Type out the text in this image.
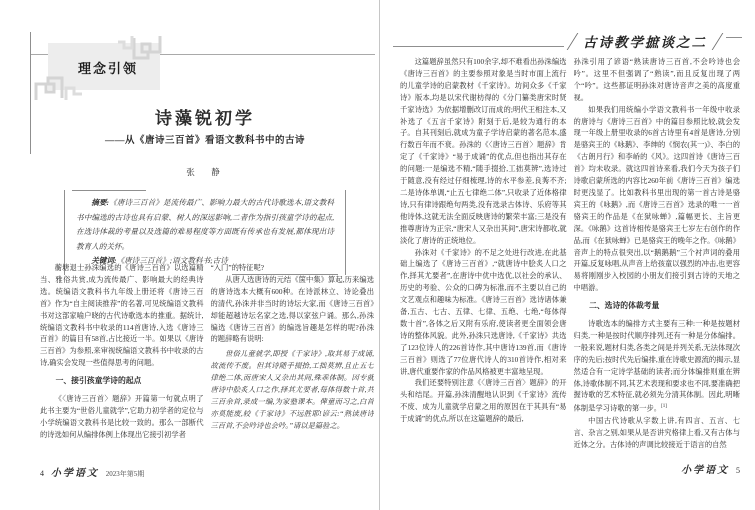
理念引领
诗藻锐初学
——从《唐诗三百首》看语文教科书中的古诗
张　静

摘要:《唐诗三百首》是流传最广、影响力最大的古代诗歌选本,语文教科书中编选的古诗也具有启蒙、树人的深远影响,二者作为指引孩童学诗的起点,在选诗体裁的考量以及选篇的难易程度等方面既有传承也有发展,都体现出诗教育人的关怀。

关键词:《唐诗三百首》;语文教科书;古诗

蘅塘退士孙洙编选的《唐诗三百首》以选篇精当、雅俗共赏,成为流传最广、影响最大的经典诗选。统编语文教科书九年级上册还将《唐诗三百首》作为“自主阅读推荐”的名著,可见统编语文教科书对这部家喻户晓的古代诗歌选本的推重。据统计,统编语文教科书中收录的114首唐诗,入选《唐诗三百首》的篇目有58首,占比接近一半。如果以《唐诗三百首》为参照,来审视统编语文教科书中收录的古诗,确实会发现一些值得思考的问题。

一、接引孩童学诗的起点

《〈唐诗三百首〉题辞》开篇第一句就点明了此书主要为“世俗儿童就学”,它助力初学者的定位与小学统编语文教科书是比较一致的。那么一部断代的诗选如何从编排体例上体现出它接引初学者

“入门”的特征呢?

从唐人选唐诗的元结《箧中集》算起,历来编选的唐诗选本大概有600种。在诗派林立、诗论叠出的清代,孙洙并非当时的诗坛大家,而《唐诗三百首》却能超越诗坛名家之选,得以家弦户诵。那么,孙洙编选《唐诗三百首》的编选旨趣是怎样的呢?孙洙的题辞略有说明:

世俗儿童就学,即授《千家诗》,取其易于成诵,故流传不废。但其诗随手掇拾,工拙莫辨,且止五七律绝二体,而唐宋人又杂出其间,殊乖体制。因专就唐诗中脍炙人口之作,择其尤要者,每体得数十首,共三百余首,录成一编,为家塾课本。俾童而习之,白首亦莫能废,较《千家诗》不远胜耶!谚云:“熟读唐诗三百首,不会吟诗也会吟。”请以是篇验之。

4 小学语文 2023年第5期
古诗教学摭谈之二

这篇题辞虽然只有100余字,却不难看出孙洙编选《唐诗三百首》的主要参照对象是当时市面上流行的儿童学诗的启蒙教材《千家诗》。坊间众多《千家诗》版本,均是以宋代谢枋得的《分门纂类唐宋时贤千家诗选》为依据增删改订而成的;明代王相注本,又补选了《五言千家诗》附刻于后,是较为通行的本子。自其刊刻后,就成为童子学诗启蒙的著名范本,盛行数百年而不衰。孙洙的《〈唐诗三百首〉题辞》肯定了《千家诗》“易于成诵”的优点,但也指出其存在的问题:一是编选不精,“随手掇拾,工拙莫辨”,选诗过于随意,没有经过仔细梳理,诗的水平参差,良莠不齐;二是诗体单调,“止五七律绝二体”,只收录了近体格律诗,只有律诗跟绝句两类,没有选录古体诗、乐府等其他诗体,这就无法全面反映唐诗的繁荣丰富;三是没有推尊唐诗为正宗,“唐宋人又杂出其间”,唐宋诗都收,就淡化了唐诗的正统地位。

孙洙对《千家诗》的不足之处进行改进,在此基础上编选了《唐诗三百首》,“就唐诗中脍炙人口之作,择其尤要者”,在唐诗中优中选优,以社会的承认、历史的考验、公众的口碑为标准,而不主要以自己的文艺观点和趣味为标准。《唐诗三百首》选诗诸体兼备,五古、七古、五律、七律、五绝、七绝,“每体得数十首”,各体之后又附有乐府,使读者更全面领会唐诗的整体风貌。此外,孙洙只选唐诗,《千家诗》共选了123位诗人的226首诗作,其中唐诗139首,而《唐诗三百首》则选了77位唐代诗人的310首诗作,相对来讲,唐代重要作家的作品风格被更丰富地呈现。

我们还要特别注意《〈唐诗三百首〉题辞》的开头和结尾。开篇,孙洙清醒地认识到《千家诗》流传不废、成为儿童就学启蒙之用的原因在于其具有“易于成诵”的优点,所以在这篇题辞的最后,

孙洙引用了谚语“熟读唐诗三百首,不会吟诗也会吟”。这里不但强调了“熟读”,而且反复出现了两个“吟”。这些都证明孙洙对唐诗音声之美的高度重视。

如果我们用统编小学语文教科书一年级中收录的唐诗与《唐诗三百首》中的篇目参照比较,就会发现一年级上册里收录的6首古诗里有4首是唐诗,分别是骆宾王的《咏鹅》、李绅的《悯农(其一)》、李白的《古朗月行》和李峤的《风》。这四首诗《唐诗三百首》均未收录。就这四首诗来看,我们今天为孩子们诗歌启蒙所选的内容比260年前《唐诗三百首》编选时更浅显了。比如教科书里出现的第一首古诗是骆宾王的《咏鹅》,而《唐诗三百首》选录的唯一一首骆宾王的作品是《在狱咏蝉》,篇幅更长、主旨更深。《咏鹅》这首诗相传是骆宾王七岁左右创作的作品,而《在狱咏蝉》已是骆宾王的晚年之作。《咏鹅》音声上的特点很突出,以“鹅鹅鹅”三个衬声词的叠用开篇,反复咏唱,从声音上给孩童以强烈的冲击,也更容易将刚刚步入校园的小朋友们接引到古诗的天地之中唱游。

二、选诗的体裁考量

诗歌选本的编排方式主要有三种:一种是按题材归类,一种是按时代顺序排列,还有一种是分体编排。一般来说,题材归类,各类之间是并列关系,无法体现次序的先后;按时代先后编排,重在诗歌史源流的揭示,显然适合有一定诗学基础的读者;而分体编排则重在辨体,诗歌体制不同,其艺术表现和要求也不同,要准确把握诗歌的艺术特征,就必须先分清其体制。因此,明晰体制是学习诗歌的第一步。[1]

中国古代诗歌从字数上讲,有四言、五言、七言、杂言之别,如果从是否讲究格律上看,又有古体与近体之分。古体诗的声调比较接近于语言的自然

小学语文 5
